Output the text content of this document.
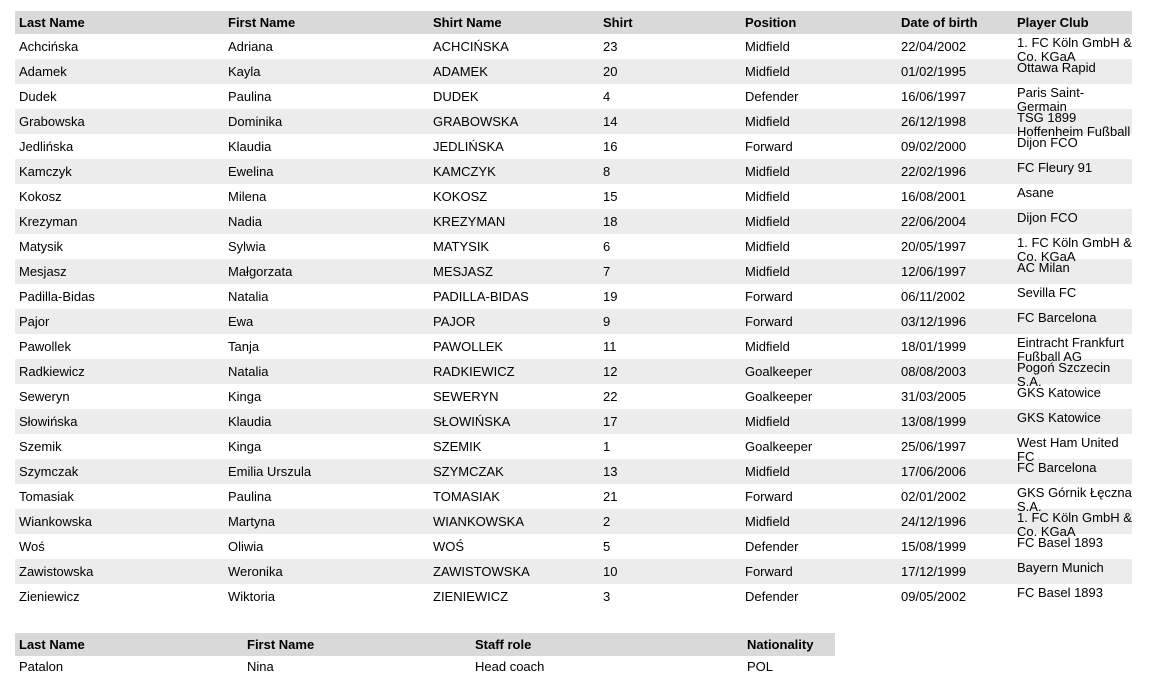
Last Name	First Name	Shirt Name	Shirt	Position	Date of birth	Player Club
Achcińska	Adriana	ACHCIŃSKA	23	Midfield	22/04/2002	1. FC Köln GmbH & Co. KGaA

Adamek	Kayla	ADAMEK	20	Midfield	01/02/1995	Ottawa Rapid

Dudek	Paulina	DUDEK	4	Defender	16/06/1997	Paris Saint-Germain

Grabowska	Dominika	GRABOWSKA	14	Midfield	26/12/1998	TSG 1899 Hoffenheim Fußball

Jedlińska	Klaudia	JEDLIŃSKA	16	Forward	09/02/2000	Dijon FCO

Kamczyk	Ewelina	KAMCZYK	8	Midfield	22/02/1996	FC Fleury 91

Kokosz	Milena	KOKOSZ	15	Midfield	16/08/2001	Asane

Krezyman	Nadia	KREZYMAN	18	Midfield	22/06/2004	Dijon FCO

Matysik	Sylwia	MATYSIK	6	Midfield	20/05/1997	1. FC Köln GmbH & Co. KGaA

Mesjasz	Małgorzata	MESJASZ	7	Midfield	12/06/1997	AC Milan

Padilla-Bidas	Natalia	PADILLA-BIDAS	19	Forward	06/11/2002	Sevilla FC

Pajor	Ewa	PAJOR	9	Forward	03/12/1996	FC Barcelona

Pawollek	Tanja	PAWOLLEK	11	Midfield	18/01/1999	Eintracht Frankfurt Fußball AG

Radkiewicz	Natalia	RADKIEWICZ	12	Goalkeeper	08/08/2003	Pogoń Szczecin S.A.

Seweryn	Kinga	SEWERYN	22	Goalkeeper	31/03/2005	GKS Katowice

Słowińska	Klaudia	SŁOWIŃSKA	17	Midfield	13/08/1999	GKS Katowice

Szemik	Kinga	SZEMIK	1	Goalkeeper	25/06/1997	West Ham United FC

Szymczak	Emilia Urszula	SZYMCZAK	13	Midfield	17/06/2006	FC Barcelona

Tomasiak	Paulina	TOMASIAK	21	Forward	02/01/2002	GKS Górnik Łęczna S.A.

Wiankowska	Martyna	WIANKOWSKA	2	Midfield	24/12/1996	1. FC Köln GmbH & Co. KGaA

Woś	Oliwia	WOŚ	5	Defender	15/08/1999	FC Basel 1893

Zawistowska	Weronika	ZAWISTOWSKA	10	Forward	17/12/1999	Bayern Munich

Zieniewicz	Wiktoria	ZIENIEWICZ	3	Defender	09/05/2002	FC Basel 1893
Last Name	First Name	Staff role	Nationality
Patalon	Nina	Head coach	POL
